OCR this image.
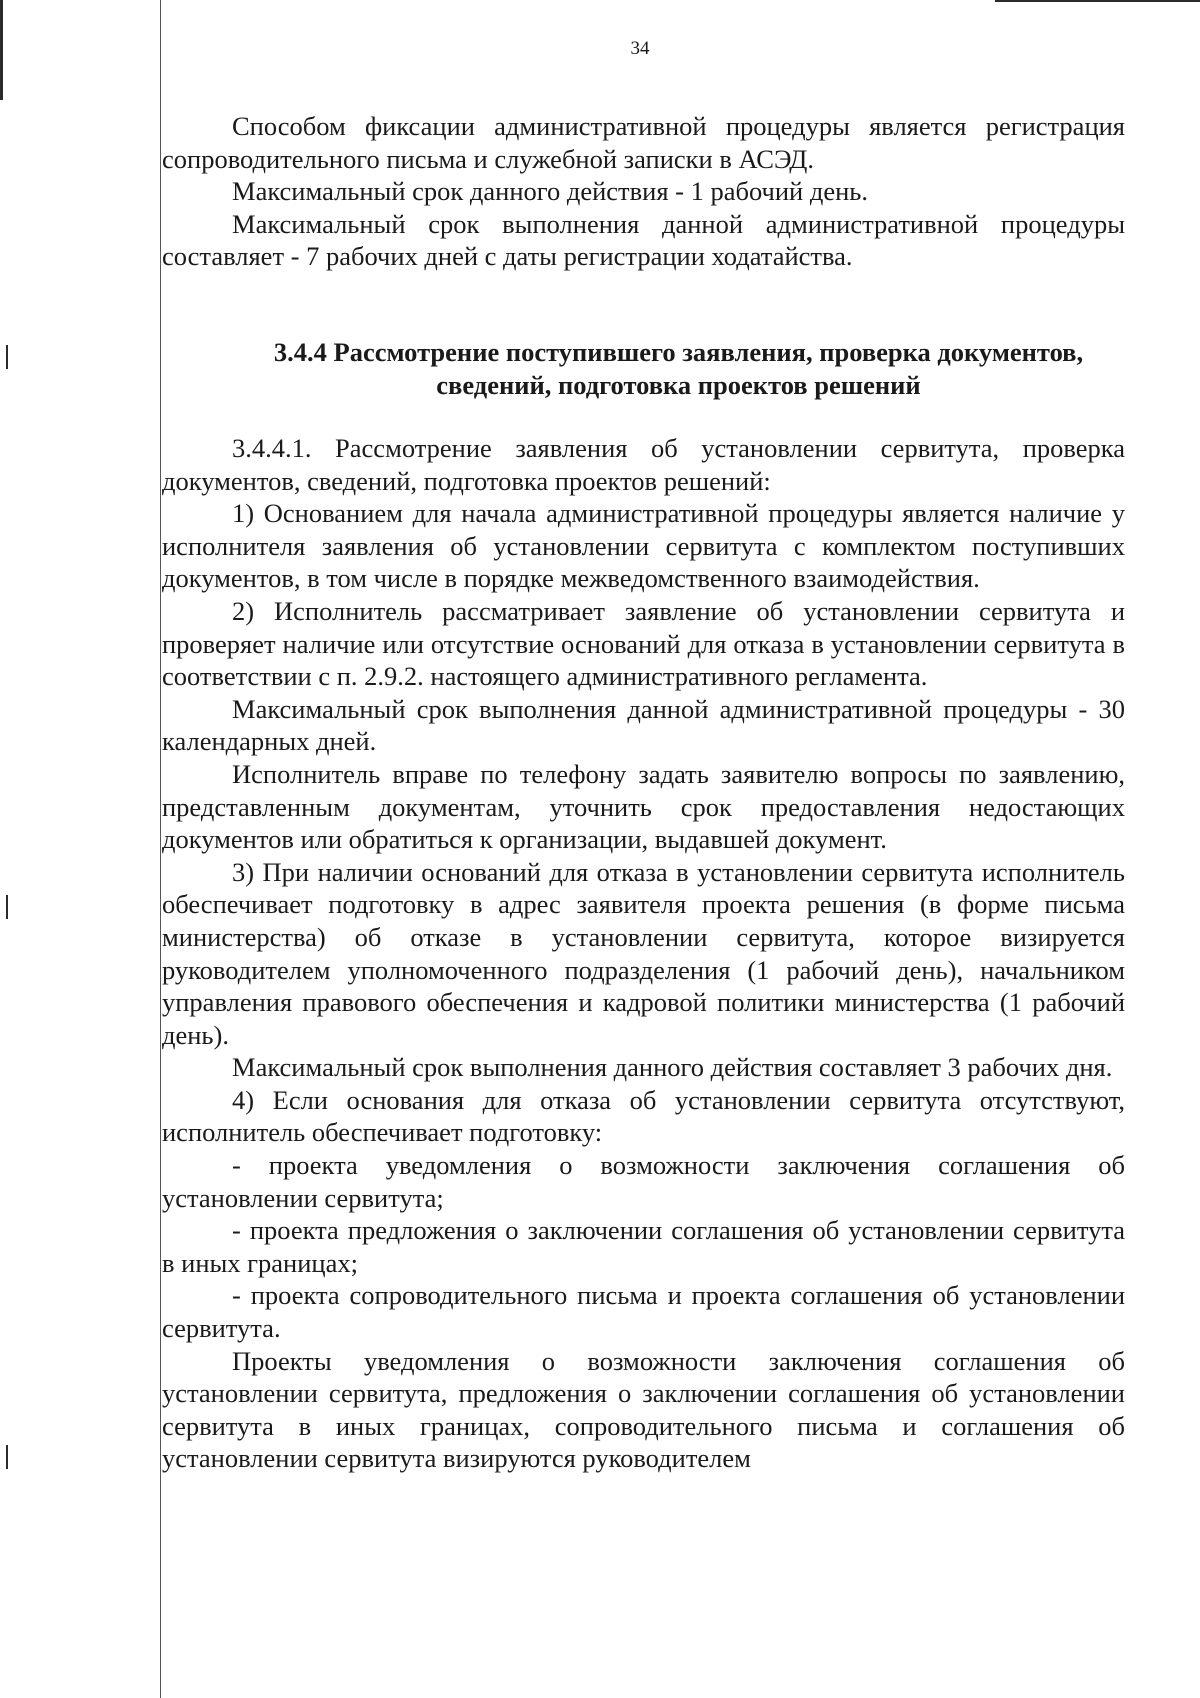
34

Способом фиксации административной процедуры является регистрация сопроводительного письма и служебной записки в АСЭД.

Максимальный срок данного действия - 1 рабочий день.

Максимальный срок выполнения данной административной процедуры составляет - 7 рабочих дней с даты регистрации ходатайства.

3.4.4 Рассмотрение поступившего заявления, проверка документов,
сведений, подготовка проектов решений

3.4.4.1. Рассмотрение заявления об установлении сервитута, проверка документов, сведений, подготовка проектов решений:

1) Основанием для начала административной процедуры является наличие у исполнителя заявления об установлении сервитута с комплектом поступивших документов, в том числе в порядке межведомственного взаимодействия.

2) Исполнитель рассматривает заявление об установлении сервитута и проверяет наличие или отсутствие оснований для отказа в установлении сервитута в соответствии с п. 2.9.2. настоящего административного регламента.

Максимальный срок выполнения данной административной процедуры - 30 календарных дней.

Исполнитель вправе по телефону задать заявителю вопросы по заявлению, представленным документам, уточнить срок предоставления недостающих документов или обратиться к организации, выдавшей документ.

3) При наличии оснований для отказа в установлении сервитута исполнитель обеспечивает подготовку в адрес заявителя проекта решения (в форме письма министерства) об отказе в установлении сервитута, которое визируется руководителем уполномоченного подразделения (1 рабочий день), начальником управления правового обеспечения и кадровой политики министерства (1 рабочий день).

Максимальный срок выполнения данного действия составляет 3 рабочих дня.

4) Если основания для отказа об установлении сервитута отсутствуют, исполнитель обеспечивает подготовку:

- проекта уведомления о возможности заключения соглашения об установлении сервитута;

- проекта предложения о заключении соглашения об установлении сервитута в иных границах;

- проекта сопроводительного письма и проекта соглашения об установлении сервитута.

Проекты уведомления о возможности заключения соглашения об установлении сервитута, предложения о заключении соглашения об установлении сервитута в иных границах, сопроводительного письма и соглашения об установлении сервитута визируются руководителем
